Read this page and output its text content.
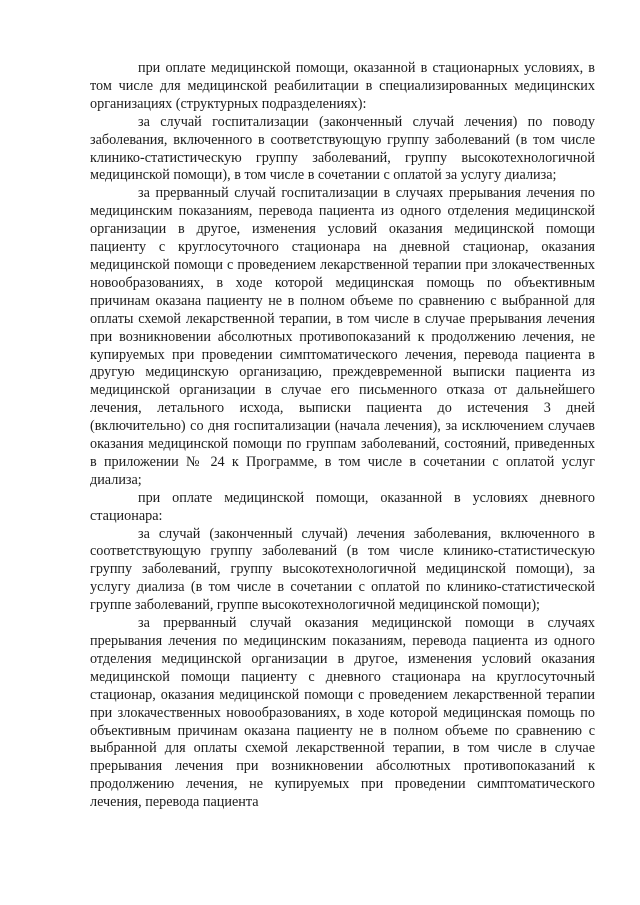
при оплате медицинской помощи, оказанной в стационарных условиях, в том числе для медицинской реабилитации в специализированных медицинских организациях (структурных подразделениях):

за случай госпитализации (законченный случай лечения) по поводу заболевания, включенного в соответствующую группу заболеваний (в том числе клинико-статистическую группу заболеваний, группу высокотехнологичной медицинской помощи), в том числе в сочетании с оплатой за услугу диализа;

за прерванный случай госпитализации в случаях прерывания лечения по медицинским показаниям, перевода пациента из одного отделения медицинской организации в другое, изменения условий оказания медицинской помощи пациенту с круглосуточного стационара на дневной стационар, оказания медицинской помощи с проведением лекарственной терапии при злокачественных новообразованиях, в ходе которой медицинская помощь по объективным причинам оказана пациенту не в полном объеме по сравнению с выбранной для оплаты схемой лекарственной терапии, в том числе в случае прерывания лечения при возникновении абсолютных противопоказаний к продолжению лечения, не купируемых при проведении симптоматического лечения, перевода пациента в другую медицинскую организацию, преждевременной выписки пациента из медицинской организации в случае его письменного отказа от дальнейшего лечения, летального исхода, выписки пациента до истечения 3 дней (включительно) со дня госпитализации (начала лечения), за исключением случаев оказания медицинской помощи по группам заболеваний, состояний, приведенных в приложении № 24 к Программе, в том числе в сочетании с оплатой услуг диализа;

при оплате медицинской помощи, оказанной в условиях дневного стационара:

за случай (законченный случай) лечения заболевания, включенного в соответствующую группу заболеваний (в том числе клинико-статистическую группу заболеваний, группу высокотехнологичной медицинской помощи), за услугу диализа (в том числе в сочетании с оплатой по клинико-статистической группе заболеваний, группе высокотехнологичной медицинской помощи);

за прерванный случай оказания медицинской помощи в случаях прерывания лечения по медицинским показаниям, перевода пациента из одного отделения медицинской организации в другое, изменения условий оказания медицинской помощи пациенту с дневного стационара на круглосуточный стационар, оказания медицинской помощи с проведением лекарственной терапии при злокачественных новообразованиях, в ходе которой медицинская помощь по объективным причинам оказана пациенту не в полном объеме по сравнению с выбранной для оплаты схемой лекарственной терапии, в том числе в случае прерывания лечения при возникновении абсолютных противопоказаний к продолжению лечения, не купируемых при проведении симптоматического лечения, перевода пациента
